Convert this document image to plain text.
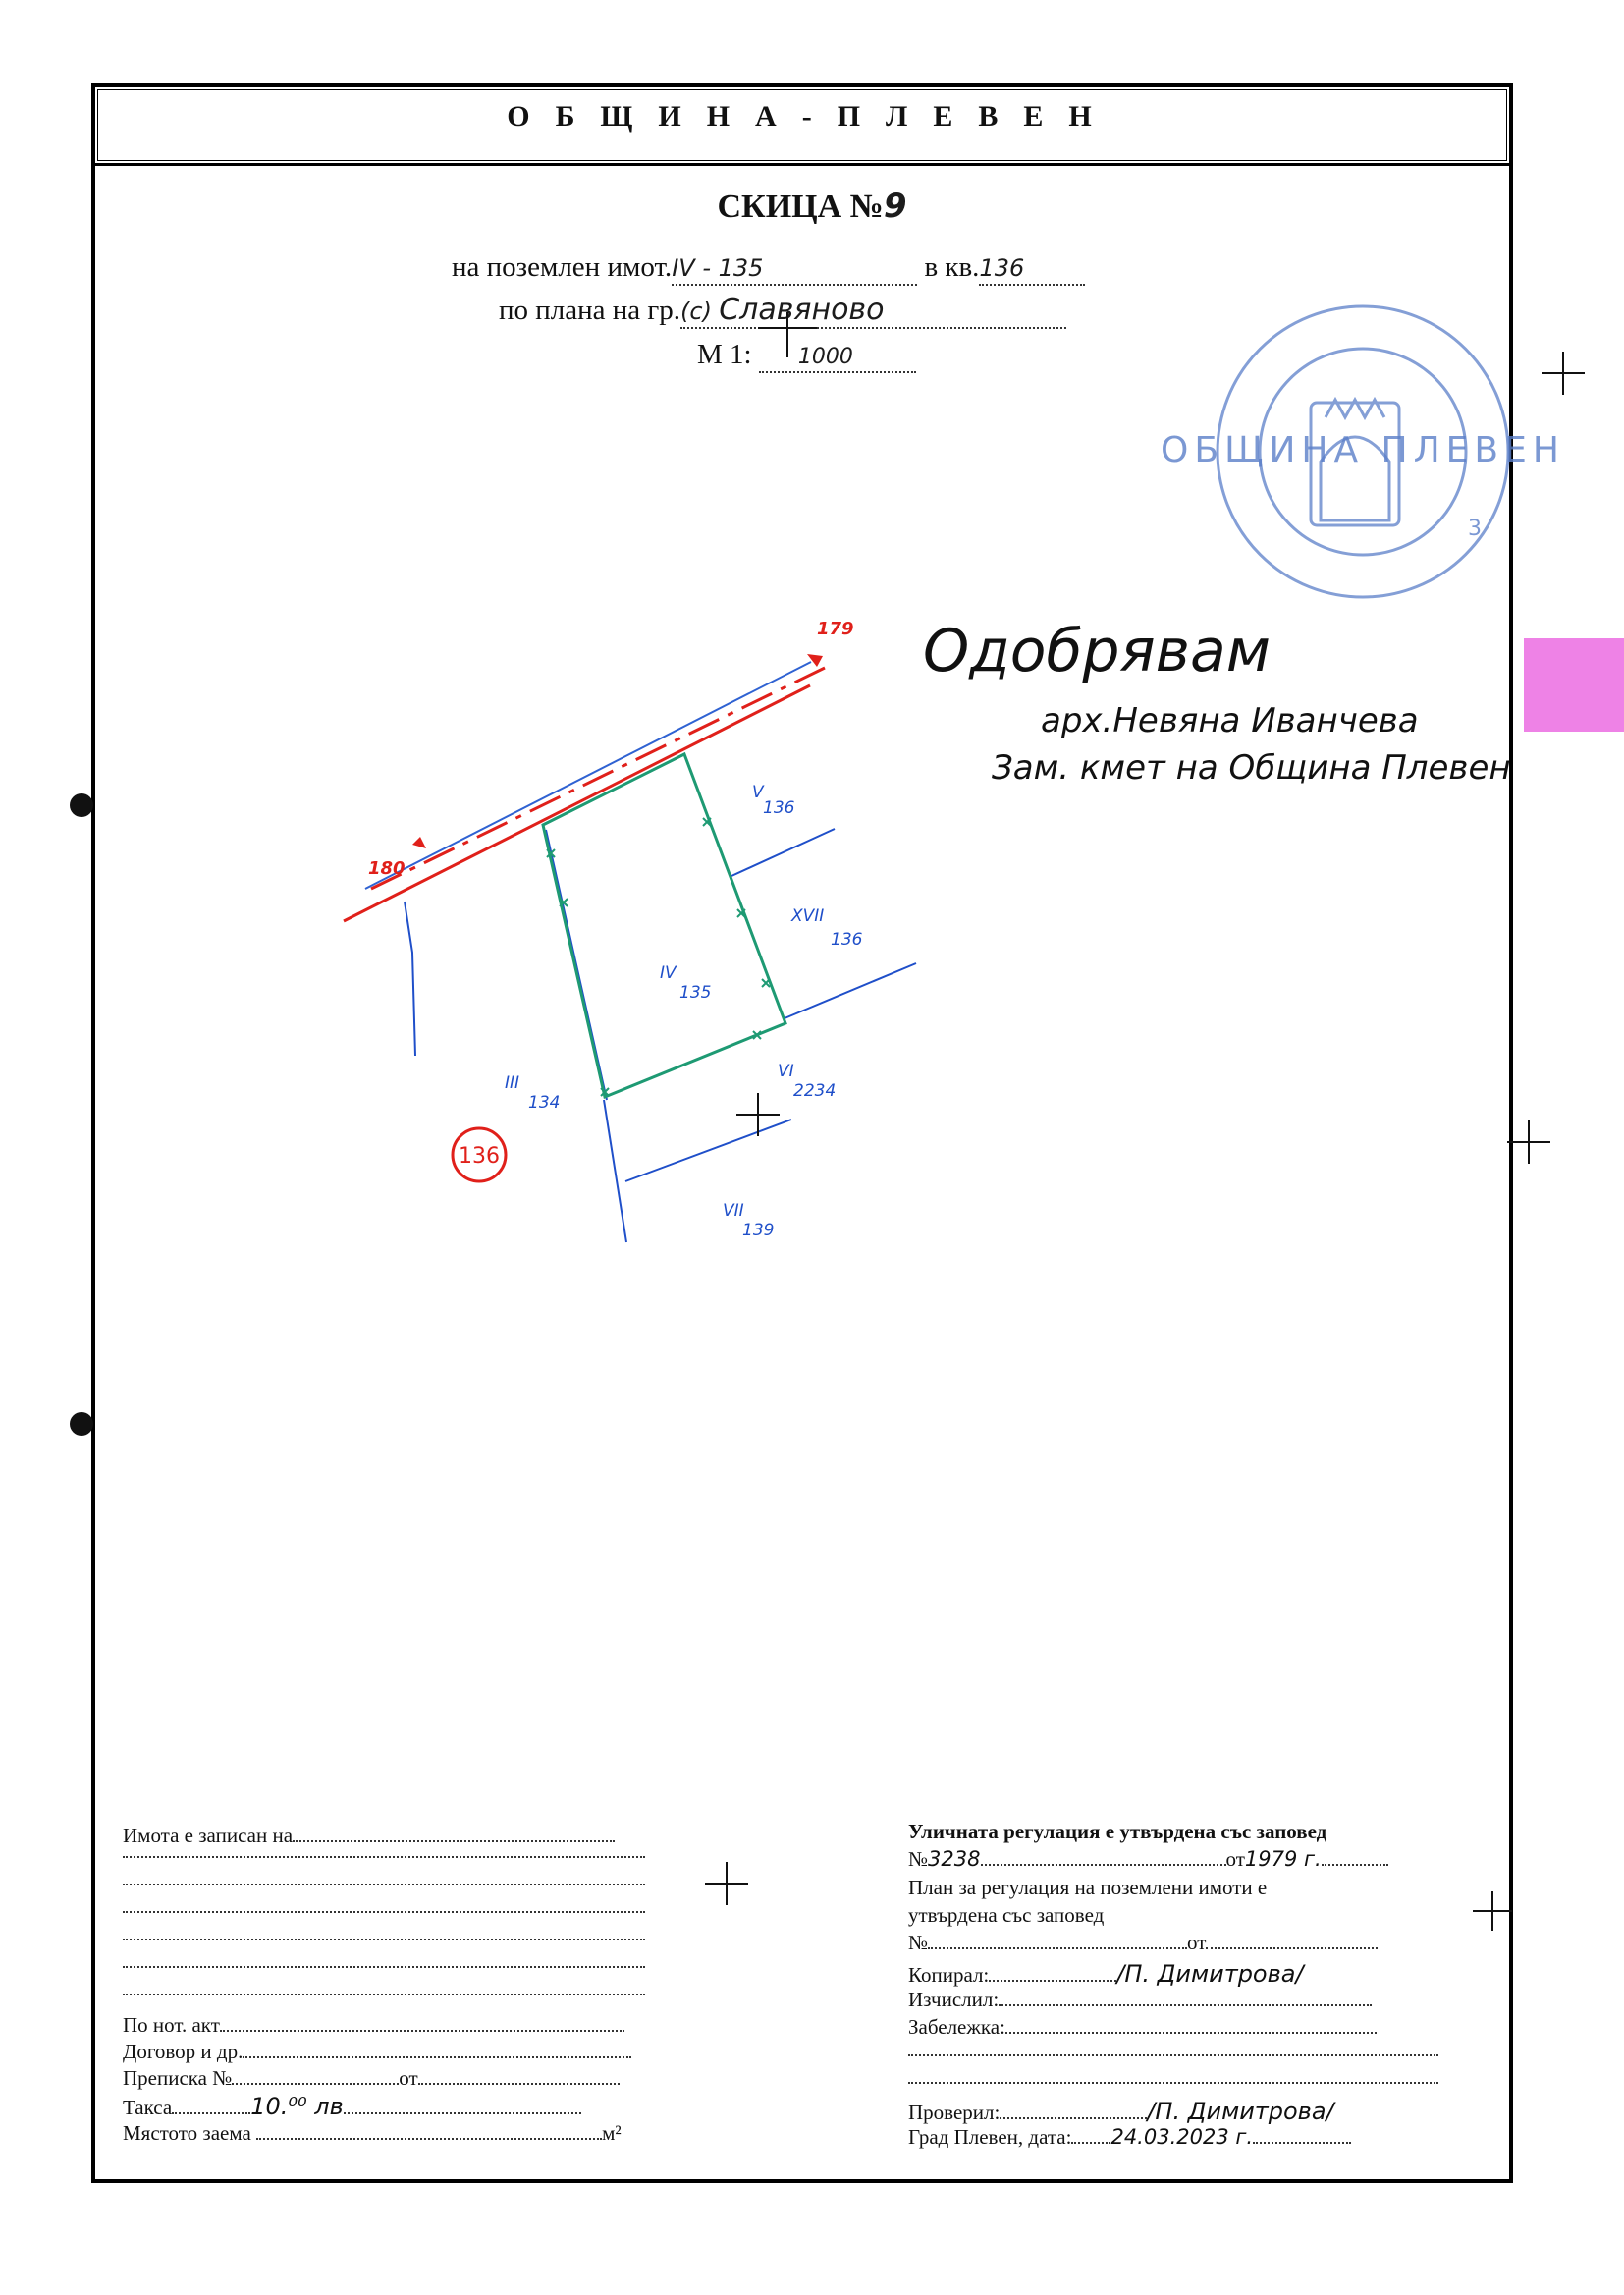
ОБЩИНА-ПЛЕВЕН
СКИЦА №9
на поземлен имот.IV - 135	в кв.136
по плана на гр.(с) Славяново
М 1: 1000
ОБЩИНА ПЛЕВЕН
3
179
180
IV
135
V
136
XVII
136
VI
2234
III
134
VII
139
136
Одобрявам
арх.Невяна Иванчева
Зам. кмет на Община Плевен
Имота е записан на
По нот. акт
Договор и др.
Преписка №	от
Такса	10.⁰⁰ лв
Мястото заема	м²
Уличната регулация е утвърдена със заповед
№3238	от1979 г.
План за регулация на поземлени имоти е
утвърдена със заповед
№	от
Копирал:	/П. Димитрова/
Изчислил:
Забележка:
Проверил:	/П. Димитрова/
Град Плевен, дата: 24.03.2023 г.
